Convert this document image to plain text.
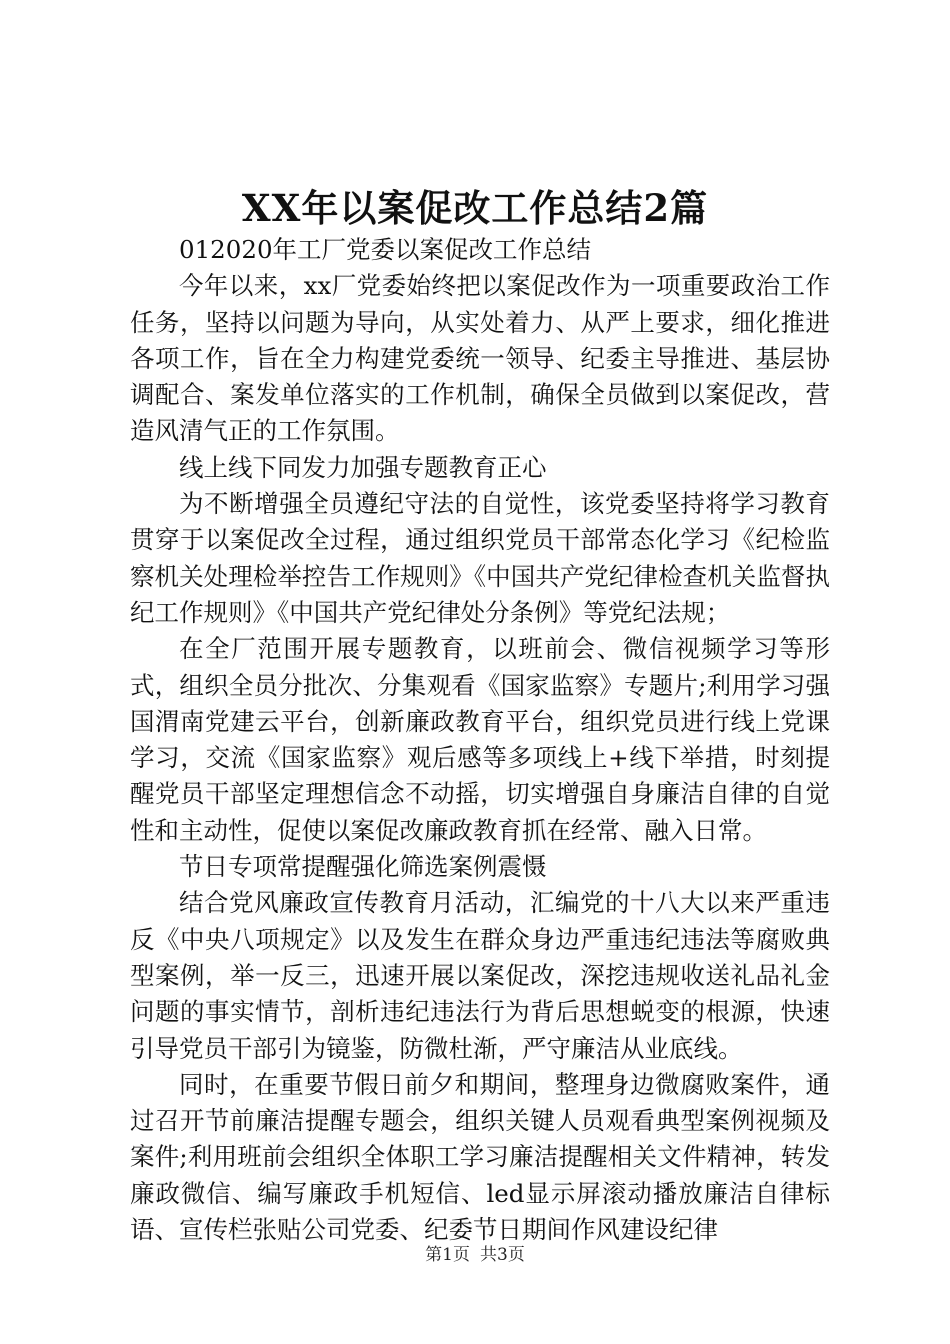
XX年以案促改工作总结2篇

012020年工厂党委以案促改工作总结

今年以来，xx厂党委始终把以案促改作为一项重要政治工作任务，坚持以问题为导向，从实处着力、从严上要求，细化推进各项工作，旨在全力构建党委统一领导、纪委主导推进、基层协调配合、案发单位落实的工作机制，确保全员做到以案促改，营造风清气正的工作氛围。

线上线下同发力加强专题教育正心

为不断增强全员遵纪守法的自觉性，该党委坚持将学习教育贯穿于以案促改全过程，通过组织党员干部常态化学习《纪检监察机关处理检举控告工作规则》《中国共产党纪律检查机关监督执纪工作规则》《中国共产党纪律处分条例》等党纪法规；

在全厂范围开展专题教育，以班前会、微信视频学习等形式，组织全员分批次、分集观看《国家监察》专题片;利用学习强国渭南党建云平台，创新廉政教育平台，组织党员进行线上党课学习，交流《国家监察》观后感等多项线上+线下举措，时刻提醒党员干部坚定理想信念不动摇，切实增强自身廉洁自律的自觉性和主动性，促使以案促改廉政教育抓在经常、融入日常。

节日专项常提醒强化筛选案例震慑

结合党风廉政宣传教育月活动，汇编党的十八大以来严重违反《中央八项规定》以及发生在群众身边严重违纪违法等腐败典型案例，举一反三，迅速开展以案促改，深挖违规收送礼品礼金问题的事实情节，剖析违纪违法行为背后思想蜕变的根源，快速引导党员干部引为镜鉴，防微杜渐，严守廉洁从业底线。

同时，在重要节假日前夕和期间，整理身边微腐败案件，通过召开节前廉洁提醒专题会，组织关键人员观看典型案例视频及案件;利用班前会组织全体职工学习廉洁提醒相关文件精神，转发廉政微信、编写廉政手机短信、led显示屏滚动播放廉洁自律标语、宣传栏张贴公司党委、纪委节日期间作风建设纪律

第1页 共3页
